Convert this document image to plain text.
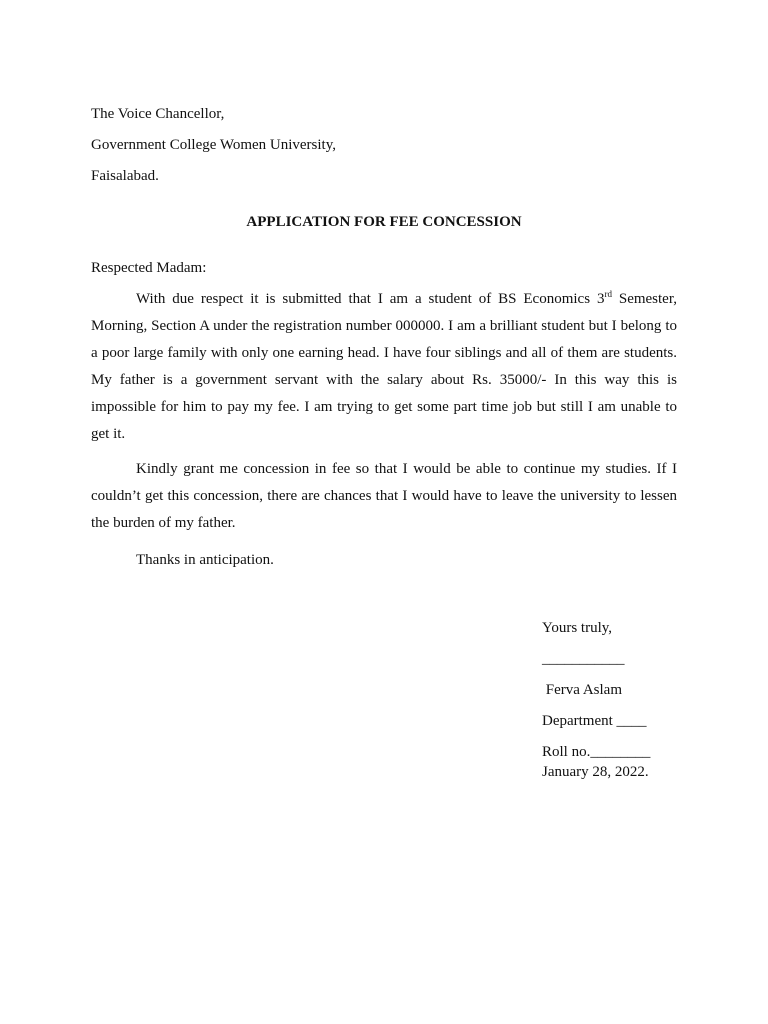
The Voice Chancellor,

Government College Women University,

Faisalabad.

APPLICATION FOR FEE CONCESSION

Respected Madam:

With due respect it is submitted that I am a student of BS Economics 3rd Semester, Morning, Section A under the registration number 000000. I am a brilliant student but I belong to a poor large family with only one earning head. I have four siblings and all of them are students. My father is a government servant with the salary about Rs. 35000/- In this way this is impossible for him to pay my fee. I am trying to get some part time job but still I am unable to get it.

Kindly grant me concession in fee so that I would be able to continue my studies. If I couldn’t get this concession, there are chances that I would have to leave the university to lessen the burden of my father.

Thanks in anticipation.

Yours truly,

___________

Ferva Aslam

Department ____

Roll no.________

January 28, 2022.
